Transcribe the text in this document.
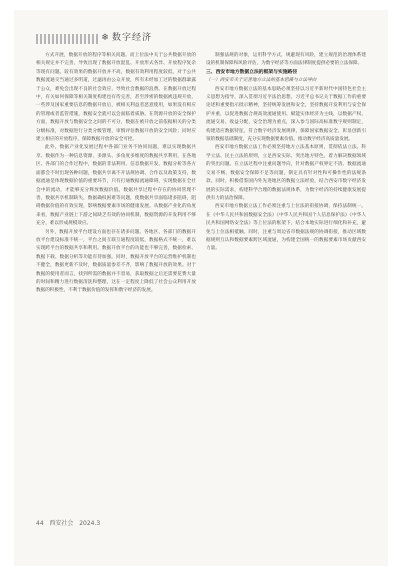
❄ 数字经济

方式开展，数据开放的程序等相关问题。而上位法中关于公共数据开放的相关规定并不完善，导致出现了数据开放混乱、开放形式各异、开放程序复杂等现有问题。较有效果的数据开放并不高，数据有效利用程度较低，对于公共数据流通交当通过多明道，过滤再由公众开放，所有未经加工过的数据群暴露于公众，难免会出现不良的社会效应，导致社会数据的浪费。在数据开放过程中，有关如何保障等相关制度构建也有待完善，甚至涉密的数据被违规开放，一些涉及国家重要信息的数据开放后，被相关利益者恶意使用，如果没有相应的管理或者监管措施，数据安全就可以会面临着威胁。在资源开放的安全保护方面，数据开放与数据安全之间的不可分，数据在被开放之前依据相关的分类分级标准，对数据进行分类分级管理，审慎评估数据开放的安全风险；同时应建立相应的开放程序，保障数据开放的安全可控。

此外，数据产业化发展过程中各部门业务不协同问题，难以实现数据共享、数据作为一种信息资源，多源头、多角度多维度的数据共享利用，在各地区、各部门的合作过程中，数据的非法利用、信息数据开发、数据分析等各方面都会不时出现各种问题，数据共享离不开法规协调、合作以及政策支持，数据流通是体现数据价值的重要环节，只有打通数据流通障碍，实现数据在全社会中的流动，才能够充分释放数据价值。数据共享过程中存在的协同管理不善，数据共享机制缺失，数据确权困难等问题，使数据共享面临诸多阻碍，阻碍数据价值的有效实现，影响数据要素市场的健康发展。从数据产业化的角度来看，数据产业链上下游之间缺乏有效的协同机制，数据资源的开发利用不够充分，难以形成规模效应。

另外，数据开放平台建设方面也存在诸多问题。各地区、各部门的数据开放平台建设标准不统一，平台之间互联互通程度较低，数据格式不统一，难以实现跨平台的数据共享和利用。数据开放平台的功能也不够完善，数据检索、数据下载、数据分析等功能有待加强。同时，数据开放平台的运营维护机制也不健全，数据更新不及时，数据质量参差不齐，影响了数据开放的效果。对于数据的使用者而言，找到所需的数据并不容易，获取数据之后还需要花费大量的时间和精力进行数据清洗和整理，这在一定程度上降低了社会公众利用开放数据的积极性，不利于数据价值的发挥和数字经济的发展。

制强法规的对象，运用科学方式，规避现有风险，建立规范的治理体系建设的机制保障和风险评估，为数字经济等方面法律制度提供必要的立法保障。

三、西安市地方数据立法的框架与实施路径

（一）西安市关于完善地方立法的基本思路与立法导向

西安市地方数据立法的基本思路必须坚持以习近平新时代中国特色社会主义思想为指导，深入贯彻习近平法治思想，习近平总书记关于数据工作的重要论述和重要指示批示精神，坚持统筹发展和安全，坚持数据开发利用与安全保护并重，以促进数据合规高效流通使用、赋能实体经济为主线，以数据产权、流通交易、收益分配、安全治理为重点，深入参与国际高标准数字规则制定，构建适应数据特征、符合数字经济发展规律、保障国家数据安全、彰显创新引领的数据基础制度，充分实现数据要素价值、推动数字经济高质量发展。

西安市地方数据立法工作必须坚持地方立法基本原则，贯彻依法立法、科学立法、民主立法的原则，立足西安实际，突出地方特色，着力解决数据领域的突出问题。在立法过程中注重问题导向，针对数据产权界定不清、数据流通交易不畅、数据安全保障不足等问题，制定具有针对性和可操作性的法规条款。同时，积极借鉴国内外先进地区的数据立法经验，结合西安市数字经济发展的实际需求，构建科学合理的数据法规体系，为数字经济的持续健康发展提供有力的法治保障。

西安市地方数据立法工作必须注重与上位法的衔接协调，保持法制统一。在《中华人民共和国数据安全法》《中华人民共和国个人信息保护法》《中华人民共和国网络安全法》等上位法的框架下，结合本地实际进行细化和补充，避免与上位法相抵触。同时，注重与周边省市数据法规的协调衔接，推动区域数据规则互认和数据要素跨区域流通，为构建全国统一的数据要素市场贡献西安力量。

44 西安社会 2024.3
